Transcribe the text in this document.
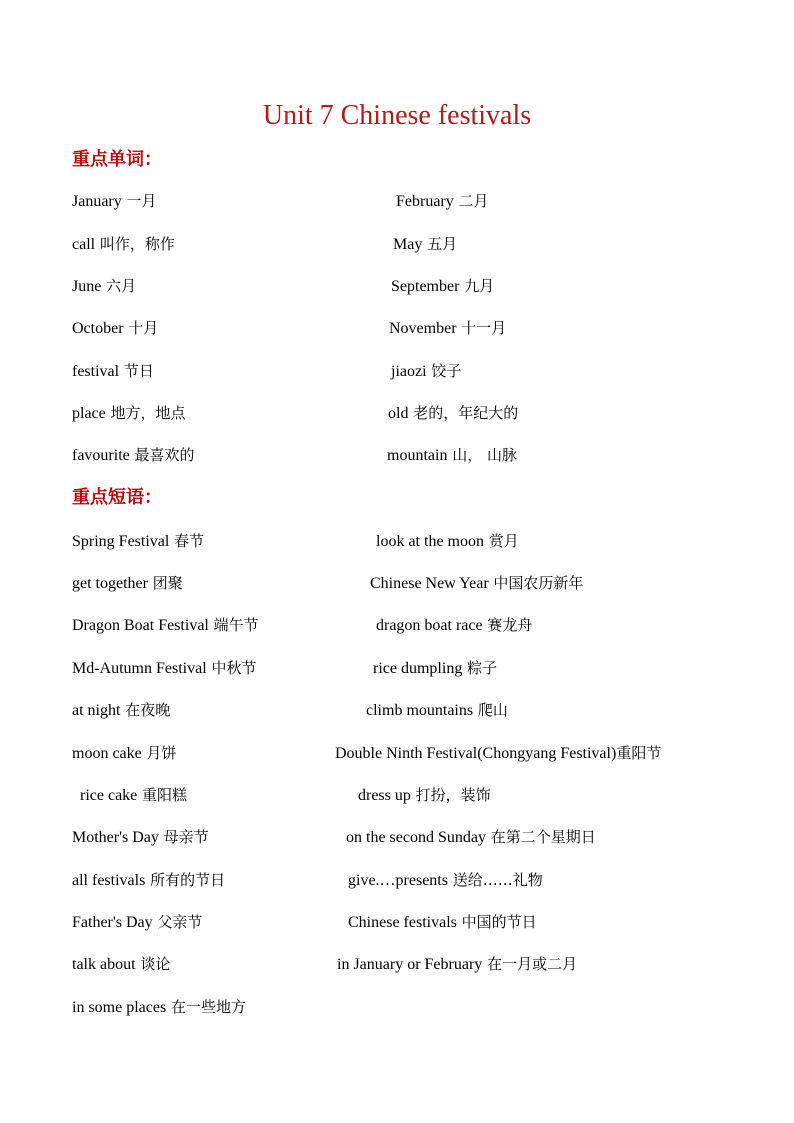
Unit 7 Chinese festivals
重点单词：
January 一月	February 二月
call 叫作，称作	May 五月
June 六月	September 九月
October 十月	November 十一月
festival 节日	jiaozi 饺子
place 地方，地点	old 老的，年纪大的
favourite 最喜欢的	mountain 山， 山脉
重点短语：
Spring Festival 春节	look at the moon 赏月
get together 团聚	Chinese New Year 中国农历新年
Dragon Boat Festival 端午节	dragon boat race 赛龙舟
Md-Autumn Festival 中秋节	rice dumpling 粽子
at night 在夜晚	climb mountains 爬山
moon cake 月饼	Double Ninth Festival(Chongyang Festival)重阳节
rice cake 重阳糕	dress up 打扮，装饰
Mother's Day 母亲节	on the second Sunday 在第二个星期日
all festivals 所有的节日	give.…presents 送给……礼物
Father's Day 父亲节	Chinese festivals 中国的节日
talk about 谈论	in January or February 在一月或二月
in some places 在一些地方
